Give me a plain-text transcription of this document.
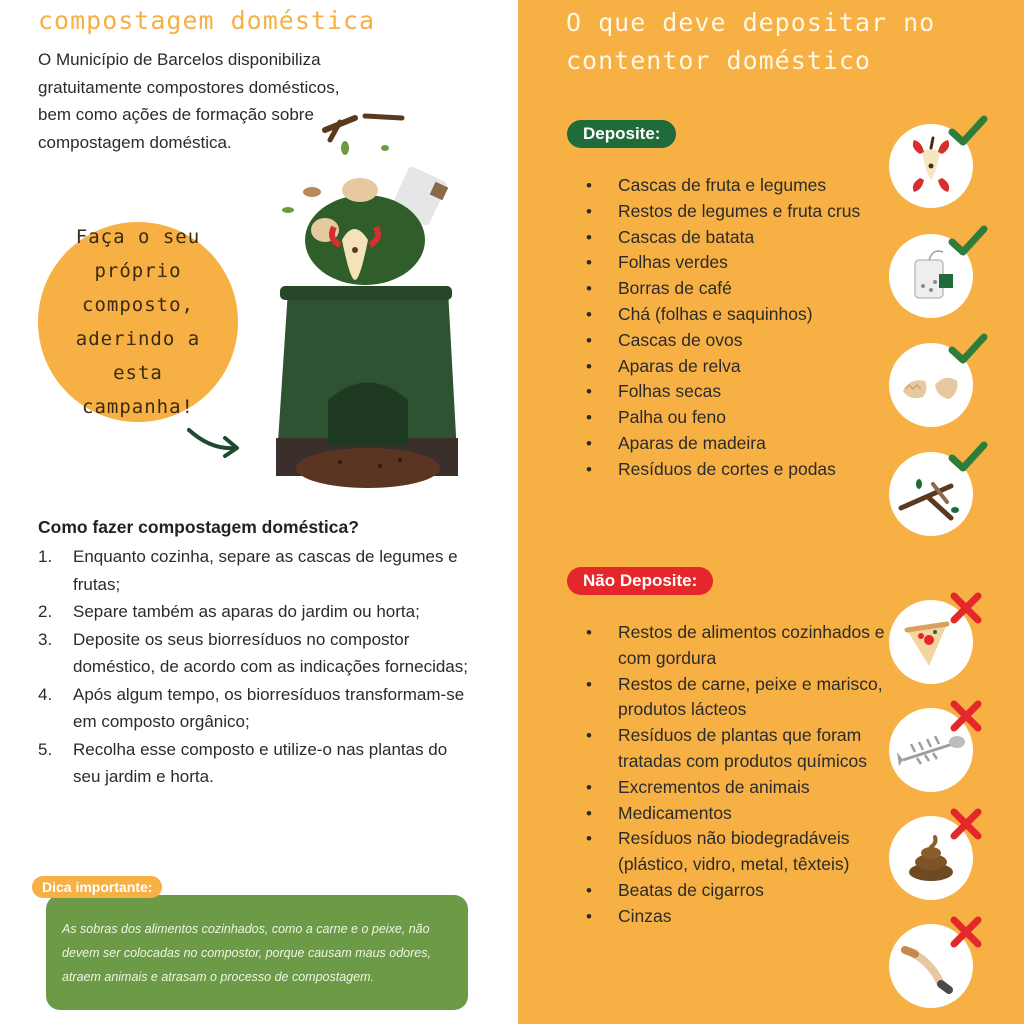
compostagem doméstica
O Município de Barcelos disponibiliza gratuitamente compostores domésticos, bem como ações de formação sobre compostagem doméstica.
Faça o seu próprio composto, aderindo a esta campanha!
Como fazer compostagem doméstica?
1. Enquanto cozinha, separe as cascas de legumes e frutas;
2. Separe também as aparas do jardim ou horta;
3. Deposite os seus biorresíduos no compostor doméstico, de acordo com as indicações fornecidas;
4. Após algum tempo, os biorresíduos transformam-se em composto orgânico;
5. Recolha esse composto e utilize-o nas plantas do seu jardim e horta.
Dica importante:

As sobras dos alimentos cozinhados, como a carne e o peixe, não devem ser colocadas no compostor, porque causam maus odores, atraem animais e atrasam o processo de compostagem.

O que deve depositar no contentor doméstico
Deposite:
• Cascas de fruta e legumes
• Restos de legumes e fruta crus
• Cascas de batata
• Folhas verdes
• Borras de café
• Chá (folhas e saquinhos)
• Cascas de ovos
• Aparas de relva
• Folhas secas
• Palha ou feno
• Aparas de madeira
• Resíduos de cortes e podas
Não Deposite:
• Restos de alimentos cozinhados e com gordura
• Restos de carne, peixe e marisco, produtos lácteos
• Resíduos de plantas que foram tratadas com produtos químicos
• Excrementos de animais
• Medicamentos
• Resíduos não biodegradáveis (plástico, vidro, metal, têxteis)
• Beatas de cigarros
• Cinzas
